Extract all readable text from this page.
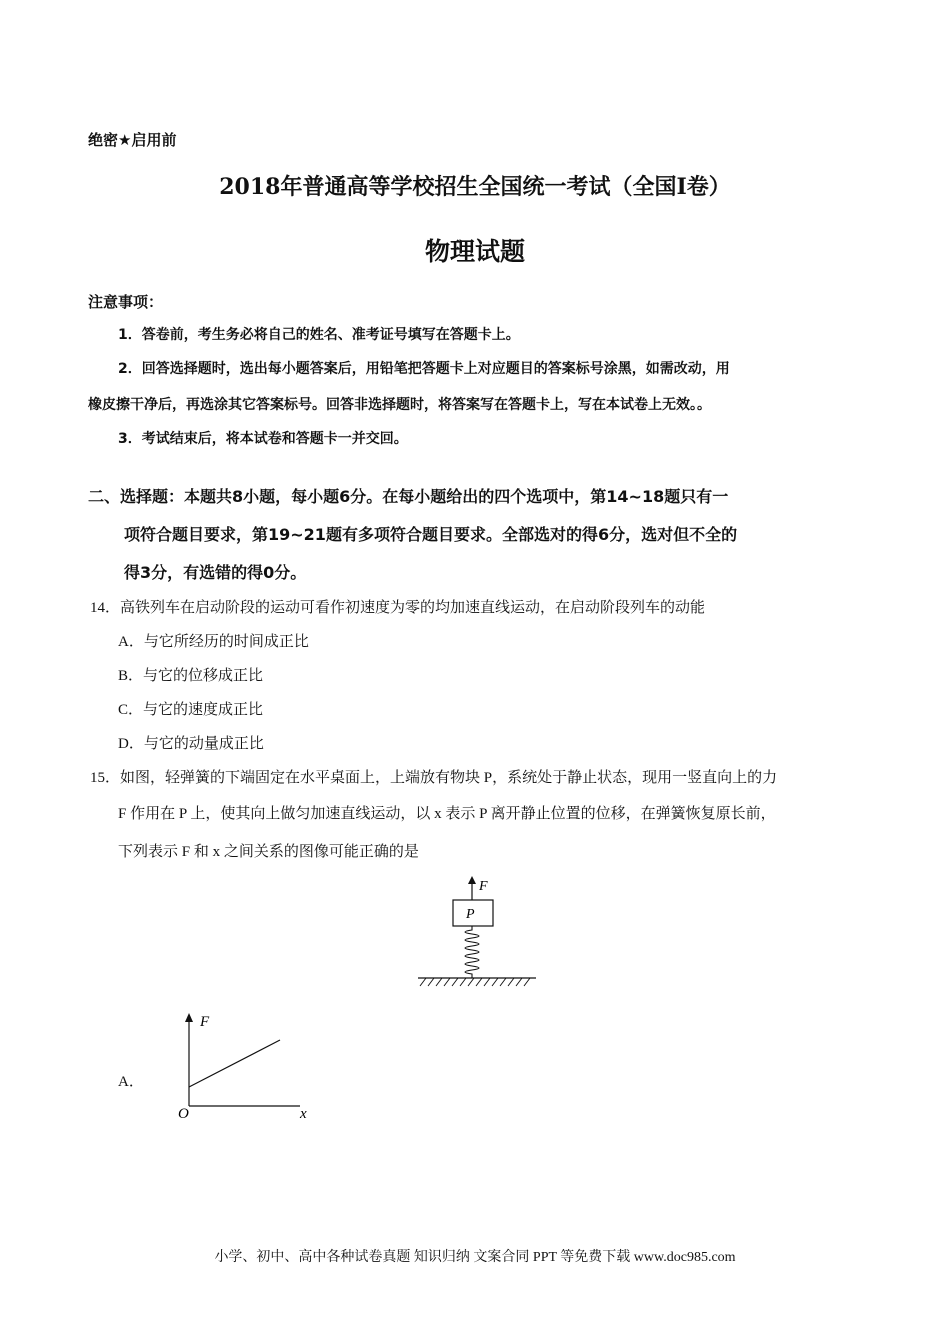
绝密★启用前
2018年普通高等学校招生全国统一考试（全国I卷）
物理试题
注意事项：
1．答卷前，考生务必将自己的姓名、准考证号填写在答题卡上。
2．回答选择题时，选出每小题答案后，用铅笔把答题卡上对应题目的答案标号涂黑，如需改动，用
橡皮擦干净后，再选涂其它答案标号。回答非选择题时，将答案写在答题卡上，写在本试卷上无效。。
3．考试结束后，将本试卷和答题卡一并交回。
二、选择题：本题共8小题，每小题6分。在每小题给出的四个选项中，第14~18题只有一
项符合题目要求，第19~21题有多项符合题目要求。全部选对的得6分，选对但不全的
得3分，有选错的得0分。
14．高铁列车在启动阶段的运动可看作初速度为零的均加速直线运动，在启动阶段列车的动能
A．与它所经历的时间成正比
B．与它的位移成正比
C．与它的速度成正比
D．与它的动量成正比
15．如图，轻弹簧的下端固定在水平桌面上，上端放有物块 P，系统处于静止状态，现用一竖直向上的力
F 作用在 P 上，使其向上做匀加速直线运动，以 x 表示 P 离开静止位置的位移，在弹簧恢复原长前，
下列表示 F 和 x 之间关系的图像可能正确的是
F
P
A．
F
x
O
小学、初中、高中各种试卷真题 知识归纳 文案合同 PPT 等免费下载 www.doc985.com
